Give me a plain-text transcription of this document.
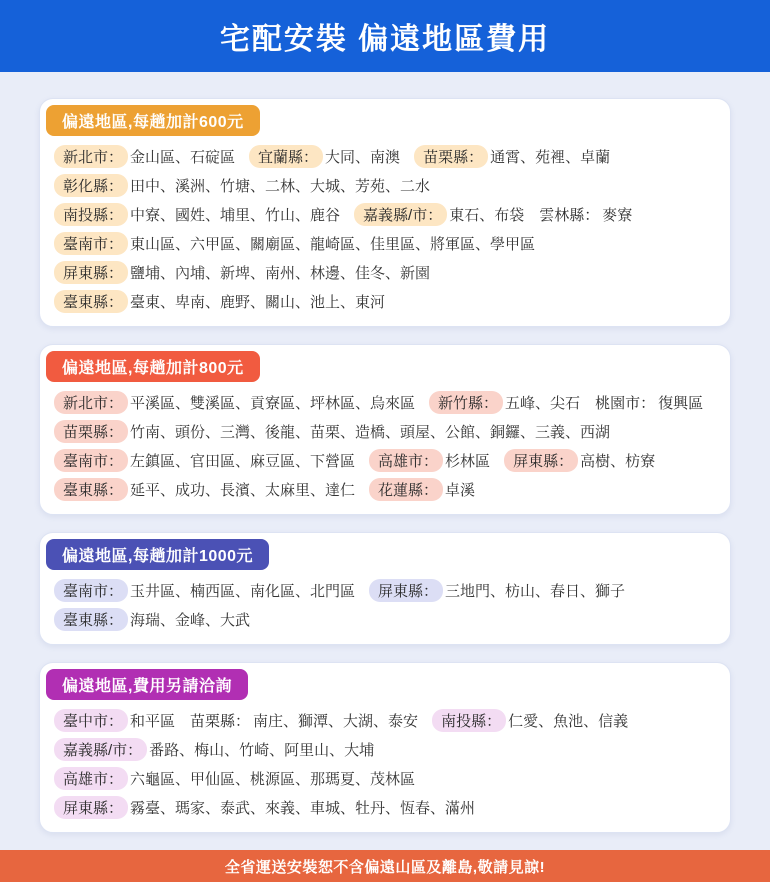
宅配安裝 偏遠地區費用
偏遠地區,每趟加計600元
新北市： 金山區、石碇區	宜蘭縣： 大同、南澳	苗栗縣： 通霄、苑裡、卓蘭
彰化縣： 田中、溪洲、竹塘、二林、大城、芳苑、二水
南投縣： 中寮、國姓、埔里、竹山、鹿谷	嘉義縣/市： 東石、布袋 雲林縣： 麥寮
臺南市： 東山區、六甲區、關廟區、龍崎區、佳里區、將軍區、學甲區
屏東縣： 鹽埔、內埔、新埤、南州、林邊、佳冬、新園
臺東縣： 臺東、卑南、鹿野、關山、池上、東河
偏遠地區,每趟加計800元
新北市： 平溪區、雙溪區、貢寮區、坪林區、烏來區	新竹縣： 五峰、尖石 桃園市： 復興區
苗栗縣： 竹南、頭份、三灣、後龍、苗栗、造橋、頭屋、公館、銅鑼、三義、西湖
臺南市： 左鎮區、官田區、麻豆區、下營區	高雄市： 杉林區	屏東縣： 高樹、枋寮
臺東縣： 延平、成功、長濱、太麻里、達仁	花蓮縣： 卓溪
偏遠地區,每趟加計1000元
臺南市： 玉井區、楠西區、南化區、北門區	屏東縣： 三地門、枋山、春日、獅子
臺東縣： 海瑞、金峰、大武
偏遠地區,費用另請洽詢
臺中市： 和平區 苗栗縣： 南庄、獅潭、大湖、泰安	南投縣： 仁愛、魚池、信義
嘉義縣/市： 番路、梅山、竹崎、阿里山、大埔
高雄市： 六龜區、甲仙區、桃源區、那瑪夏、茂林區
屏東縣： 霧臺、瑪家、泰武、來義、車城、牡丹、恆春、滿州
全省運送安裝恕不含偏遠山區及離島,敬請見諒!
